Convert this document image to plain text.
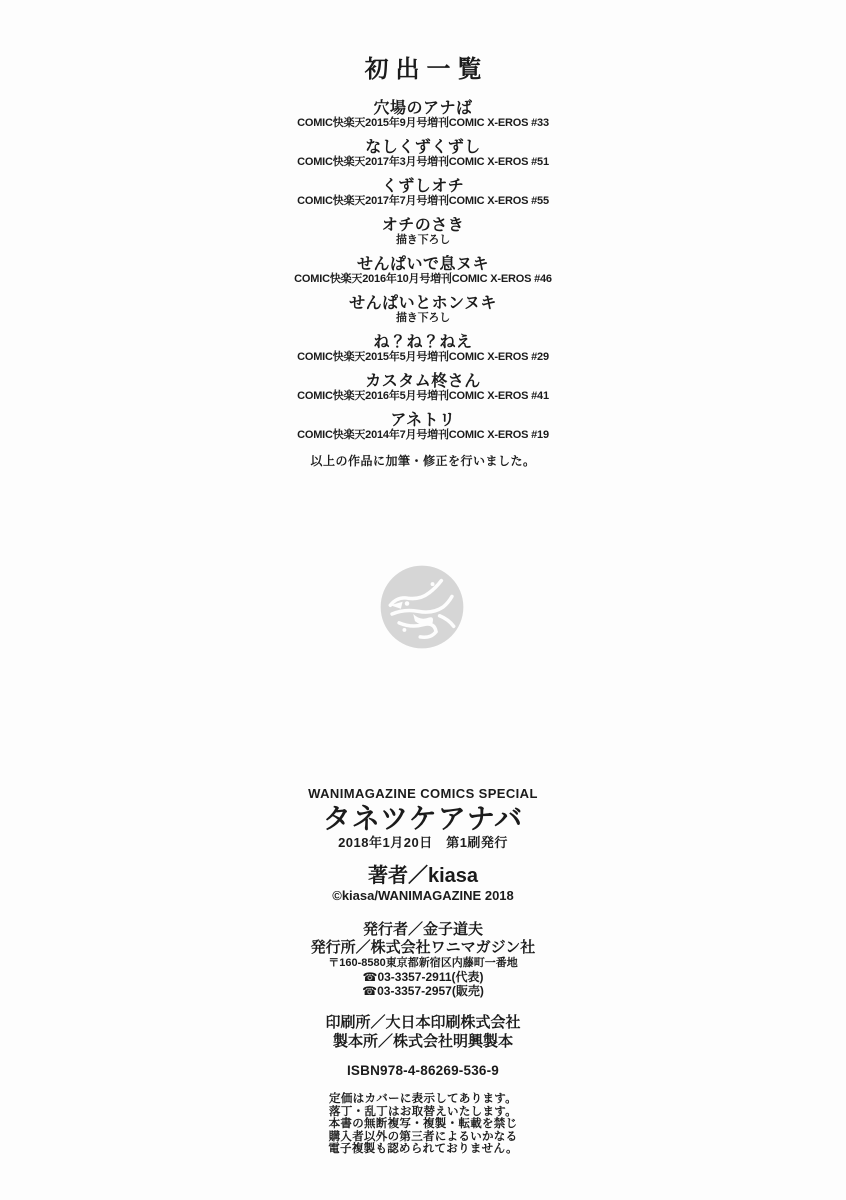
初出一覧
穴場のアナば
COMIC快楽天2015年9月号増刊COMIC X-EROS #33
なしくずくずし
COMIC快楽天2017年3月号増刊COMIC X-EROS #51
くずしオチ
COMIC快楽天2017年7月号増刊COMIC X-EROS #55
オチのさき
描き下ろし
せんぱいで息ヌキ
COMIC快楽天2016年10月号増刊COMIC X-EROS #46
せんぱいとホンヌキ
描き下ろし
ね？ね？ねえ
COMIC快楽天2015年5月号増刊COMIC X-EROS #29
カスタム柊さん
COMIC快楽天2016年5月号増刊COMIC X-EROS #41
アネトリ
COMIC快楽天2014年7月号増刊COMIC X-EROS #19
以上の作品に加筆・修正を行いました。
WANIMAGAZINE COMICS SPECIAL
タネツケアナバ
2018年1月20日　第1刷発行
著者／kiasa
©kiasa/WANIMAGAZINE 2018
発行者／金子道夫
発行所／株式会社ワニマガジン社
〒160-8580東京都新宿区内藤町一番地
☎03-3357-2911(代表)
☎03-3357-2957(販売)
印刷所／大日本印刷株式会社
製本所／株式会社明興製本
ISBN978-4-86269-536-9
定価はカバーに表示してあります。
落丁・乱丁はお取替えいたします。
本書の無断複写・複製・転載を禁じ
購入者以外の第三者によるいかなる
電子複製も認められておりません。
